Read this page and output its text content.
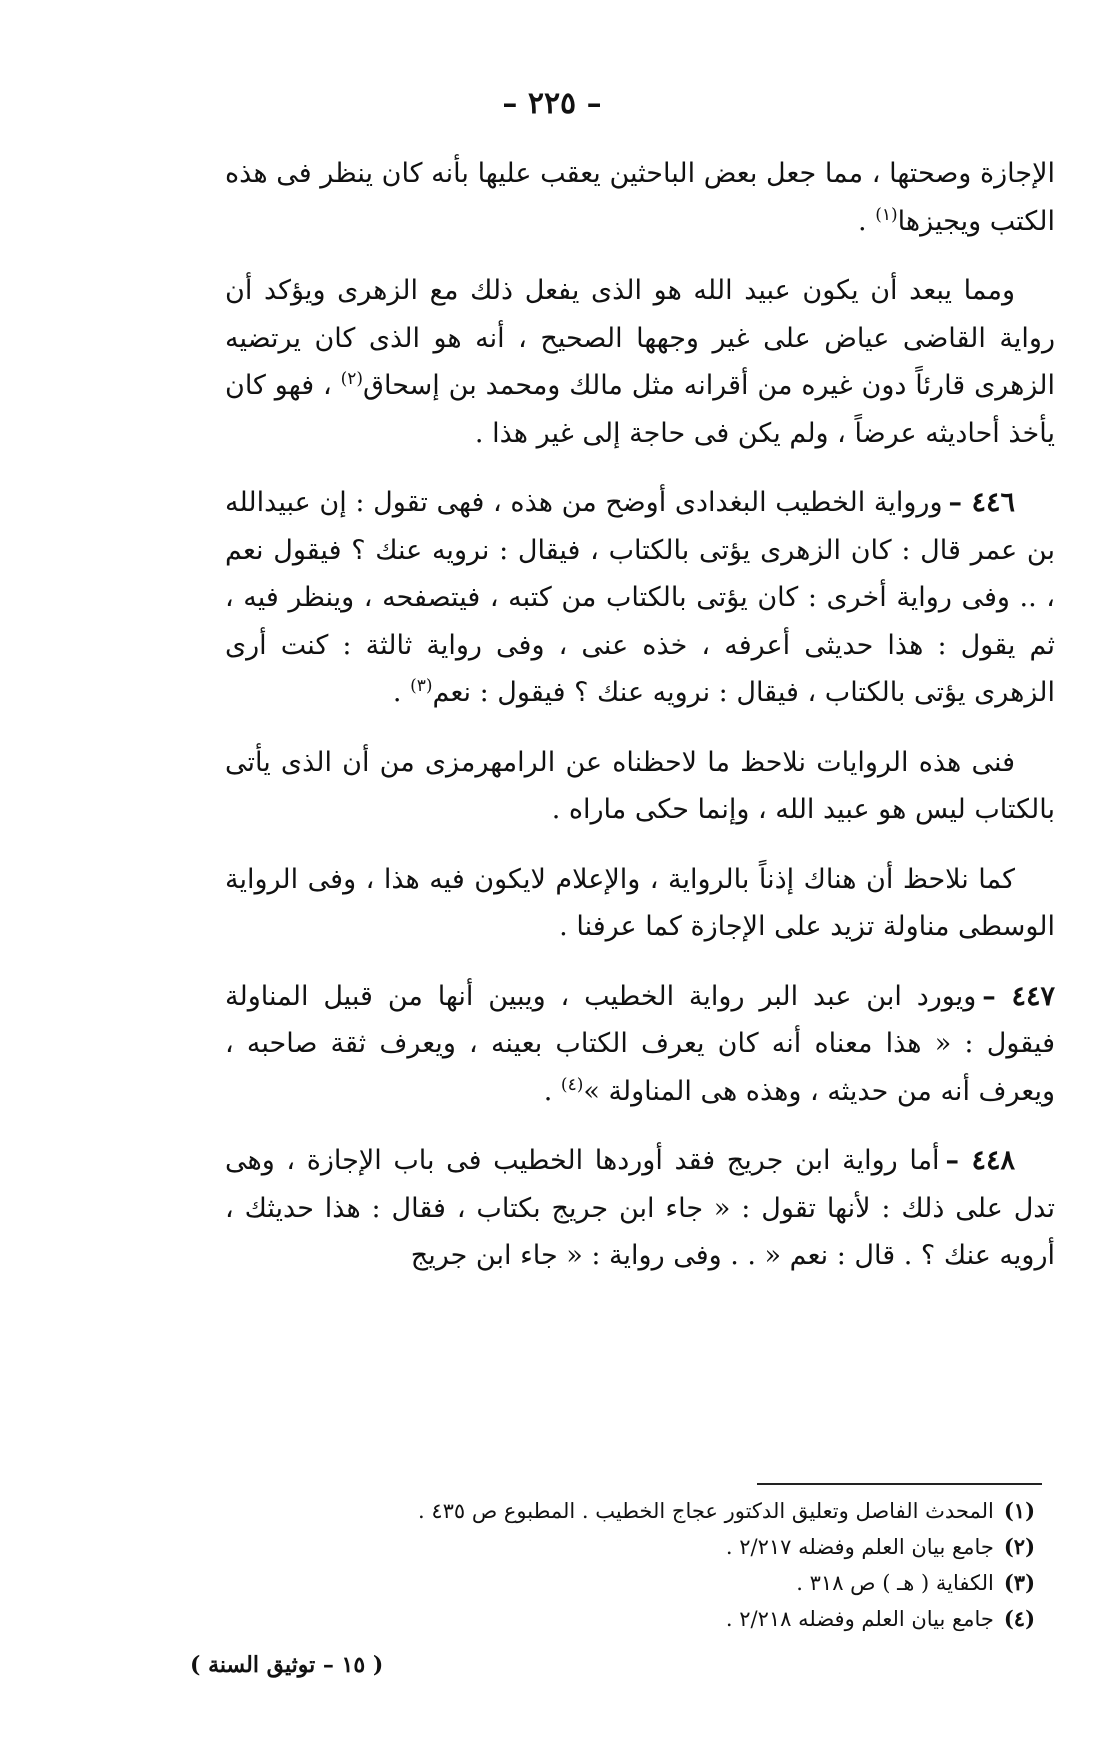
– ٢٢٥ –

الإجازة وصحتها ، مما جعل بعض الباحثين يعقب عليها بأنه كان ينظر فى هذه الكتب ويجيزها$^{(١)}$ .

ومما يبعد أن يكون عبيد الله هو الذى يفعل ذلك مع الزهرى ويؤكد أن رواية القاضى عياض على غير وجهها الصحيح ، أنه هو الذى كان يرتضيه الزهرى قارئاً دون غيره من أقرانه مثل مالك ومحمد بن إسحاق$^{(٢)}$ ، فهو كان يأخذ أحاديثه عرضاً ، ولم يكن فى حاجة إلى غير هذا .

٤٤٦ –ورواية الخطيب البغدادى أوضح من هذه ، فهى تقول : إن عبيدالله بن عمر قال : كان الزهرى يؤتى بالكتاب ، فيقال : نرويه عنك ؟ فيقول نعم ، .. وفى رواية أخرى : كان يؤتى بالكتاب من كتبه ، فيتصفحه ، وينظر فيه ، ثم يقول : هذا حديثى أعرفه ، خذه عنى ، وفى رواية ثالثة : كنت أرى الزهرى يؤتى بالكتاب ، فيقال : نرويه عنك ؟ فيقول : نعم$^{(٣)}$ .

فنى هذه الروايات نلاحظ ما لاحظناه عن الرامهرمزى من أن الذى يأتى بالكتاب ليس هو عبيد الله ، وإنما حكى ماراه .

كما نلاحظ أن هناك إذناً بالرواية ، والإعلام لايكون فيه هذا ، وفى الرواية الوسطى مناولة تزيد على الإجازة كما عرفنا .

٤٤٧ –ويورد ابن عبد البر رواية الخطيب ، ويبين أنها من قبيل المناولة فيقول : « هذا معناه أنه كان يعرف الكتاب بعينه ، ويعرف ثقة صاحبه ، ويعرف أنه من حديثه ، وهذه هى المناولة »$^{(٤)}$ .

٤٤٨ –أما رواية ابن جريج فقد أوردها الخطيب فى باب الإجازة ، وهى تدل على ذلك : لأنها تقول : « جاء ابن جريج بكتاب ، فقال : هذا حديثك ، أرويه عنك ؟ . قال : نعم « . . وفى رواية : « جاء ابن جريج

(١)المحدث الفاصل وتعليق الدكتور عجاج الخطيب . المطبوع ص ٤٣٥ .

(٢)جامع بيان العلم وفضله ٢/٢١٧ .

(٣)الكفاية ( هـ ) ص ٣١٨ .

(٤)جامع بيان العلم وفضله ٢/٢١٨ .

( ١٥ – توثيق السنة )
